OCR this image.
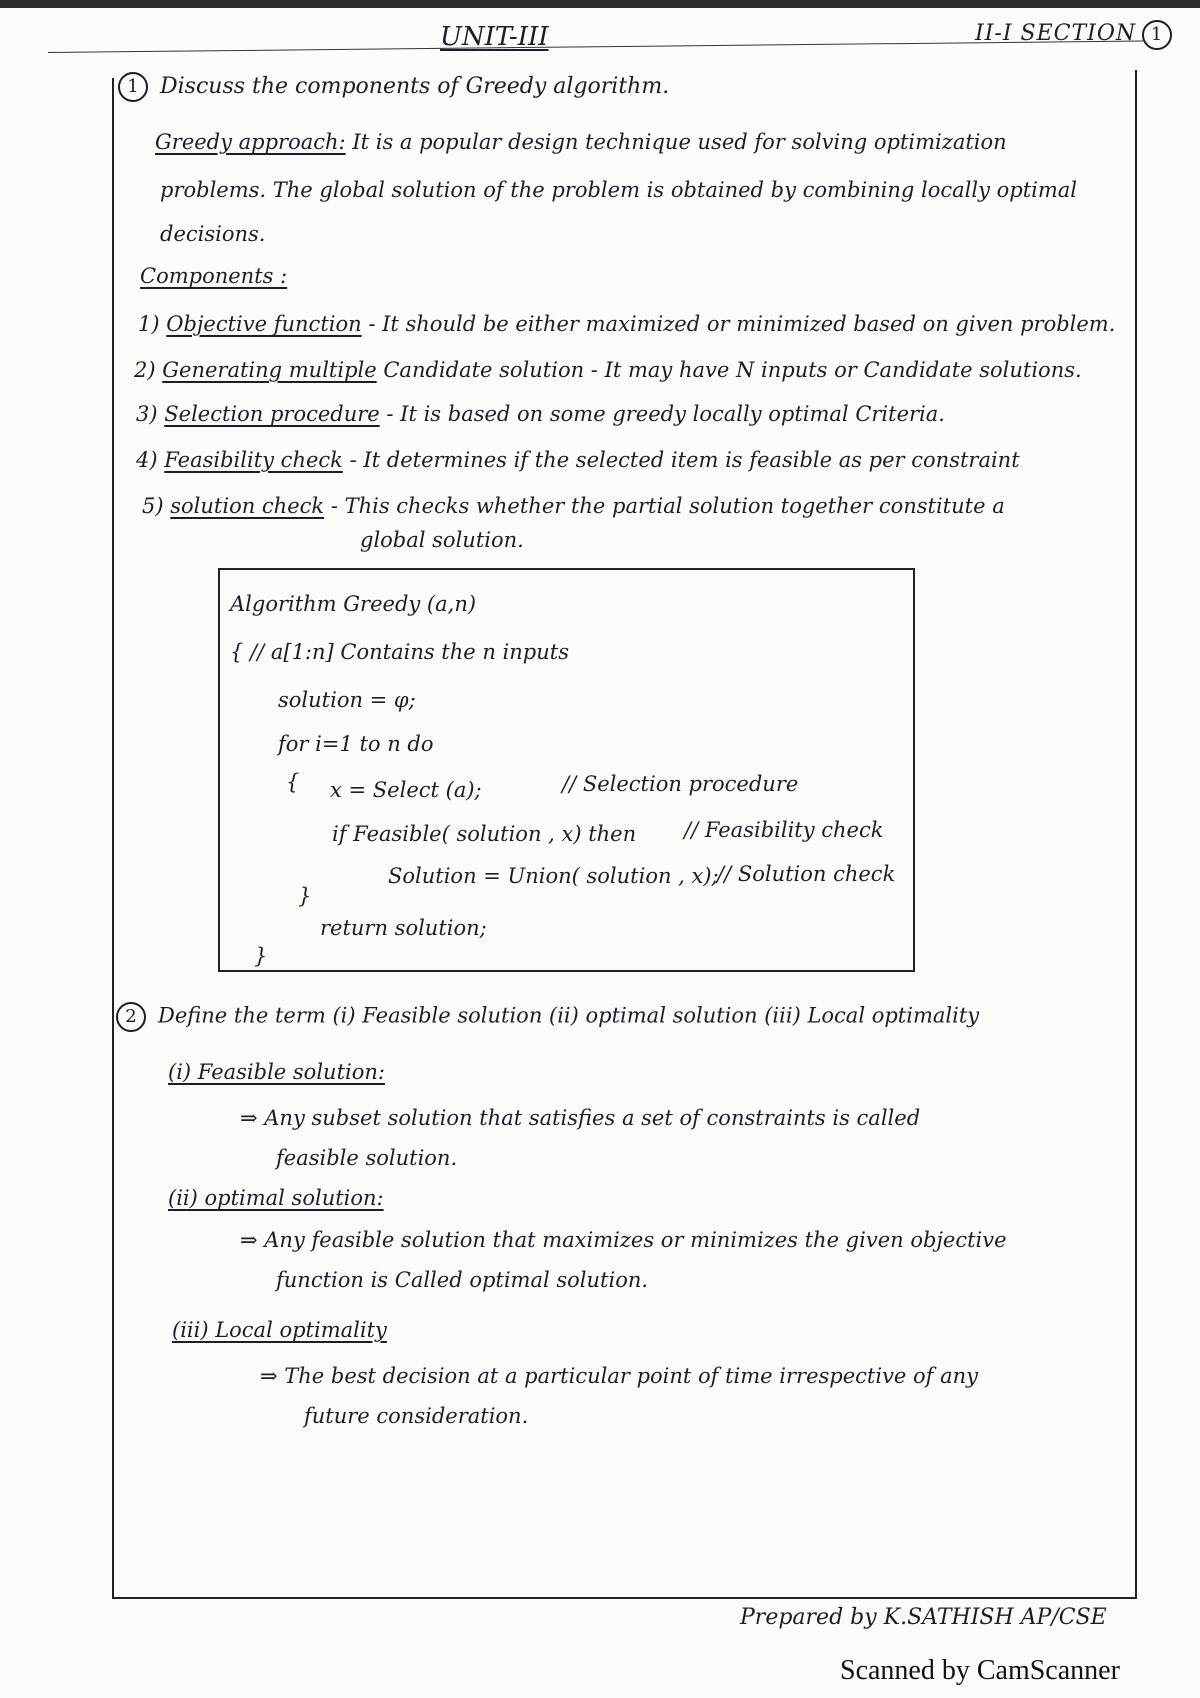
UNIT-III	II-I SECTION 1
1 Discuss the components of Greedy algorithm.
Greedy approach: It is a popular design technique used for solving optimization
problems. The global solution of the problem is obtained by combining locally optimal
decisions.
Components :
1) Objective function - It should be either maximized or minimized based on given problem.
2) Generating multiple Candidate solution - It may have N inputs or Candidate solutions.
3) Selection procedure - It is based on some greedy locally optimal Criteria.
4) Feasibility check - It determines if the selected item is feasible as per constraint
5) solution check - This checks whether the partial solution together constitute a
global solution.
Algorithm Greedy (a,n)
{ // a[1:n] Contains the n inputs
solution = φ;
for i=1 to n do
{ x = Select (a);	// Selection procedure
if Feasible( solution , x) then // Feasibility check
Solution = Union( solution , x);
// Solution check
}
return solution;
}
2 Define the term (i) Feasible solution (ii) optimal solution (iii) Local optimality
(i) Feasible solution:
⇒ Any subset solution that satisfies a set of constraints is called
feasible solution.
(ii) optimal solution:
⇒ Any feasible solution that maximizes or minimizes the given objective
function is Called optimal solution.
(iii) Local optimality
⇒ The best decision at a particular point of time irrespective of any
future consideration.
Prepared by K.SATHISH AP/CSE
Scanned by CamScanner
